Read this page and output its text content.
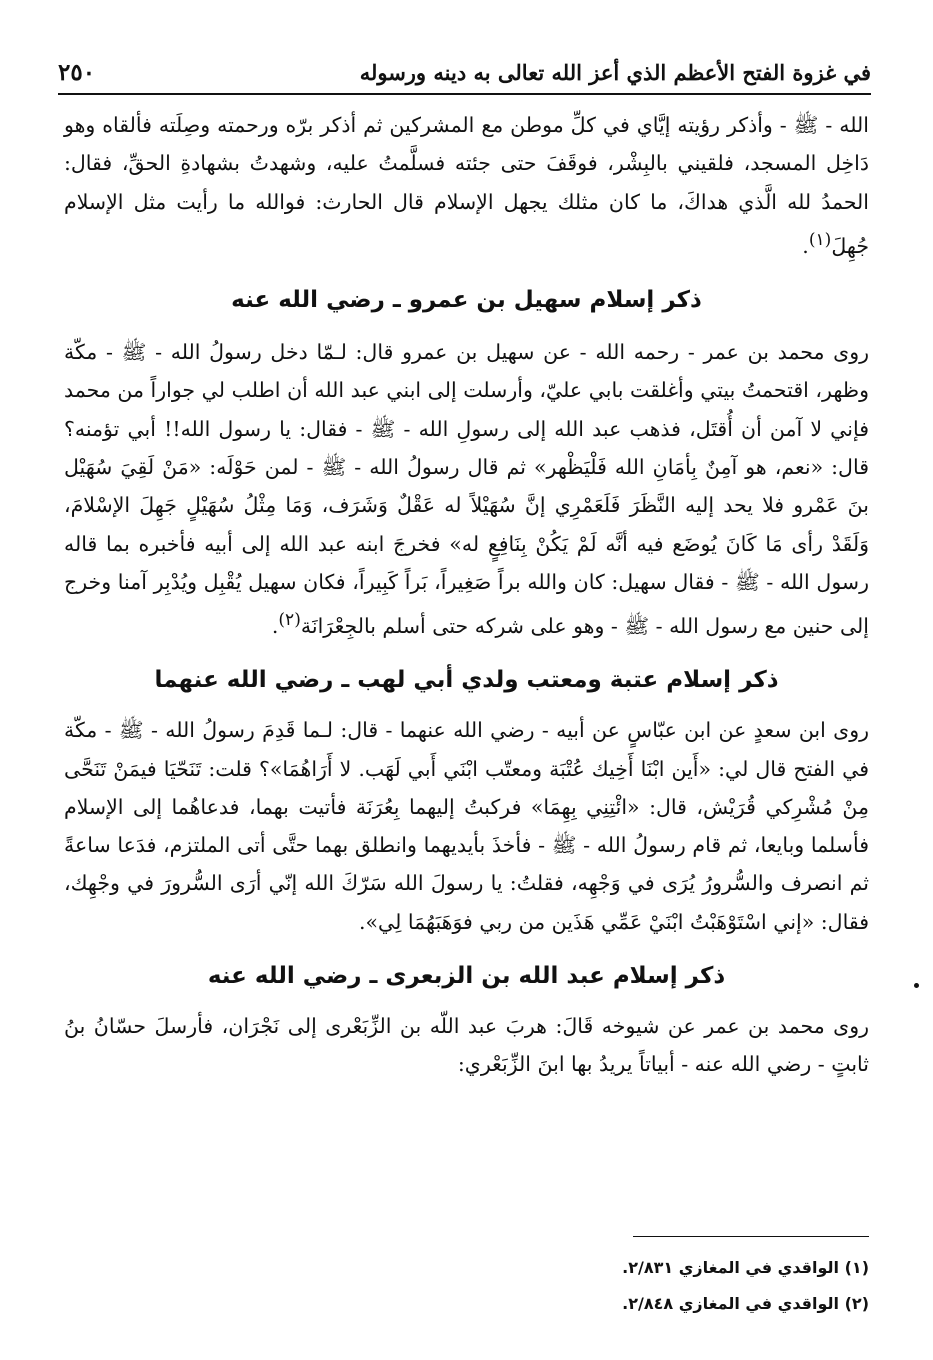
في غزوة الفتح الأعظم الذي أعز الله تعالى به دينه ورسوله
٢٥٠

الله - ﷺ - وأذكر رؤيته إيَّاي في كلِّ موطن مع المشركين ثم أذكر برّه ورحمته وصِلَته فألقاه وهو دَاخِل المسجد، فلقيني بالبِشْر، فوقَفَ حتى جئته فسلَّمتُ عليه، وشهدتُ بشهادةِ الحقِّ، فقال: الحمدُ لله الَّذي هداكَ، ما كان مثلك يجهل الإسلام قال الحارث: فوالله ما رأيت مثل الإسلام جُهِلَ$^{(١)}$.

ذكر إسلام سهيل بن عمرو ـ رضي الله عنه

روى محمد بن عمر - رحمه الله - عن سهيل بن عمرو قال: لـمّا دخل رسولُ الله - ﷺ - مكّة وظهر، اقتحمتُ بيتي وأغلقت بابي عليّ، وأرسلت إلى ابني عبد الله أن اطلب لي جواراً من محمد فإني لا آمن أن أُقتَل، فذهب عبد الله إلى رسولِ الله - ﷺ - فقال: يا رسول الله!! أبي تؤمنه؟ قال: «نعم، هو آمِنٌ بِأمَانِ الله فَلْيَظْهر» ثم قال رسولُ الله - ﷺ - لمن حَوْلَه: «مَنْ لَقِيَ سُهَيْل بنَ عَمْرو فلا يحد إليه النَّظَرَ فَلَعَمْرِي إنَّ سُهَيْلاً له عَقْلٌ وَشَرَف، وَمَا مِثْلُ سُهَيْلٍ جَهِلَ الإسْلامَ، وَلَقَدْ رأى مَا كَانَ يُوضَع فيه أنَّه لَمْ يَكُنْ بِنَافِعٍ له» فخرجَ ابنه عبد الله إلى أبيه فأخبره بما قاله رسول الله - ﷺ - فقال سهيل: كان والله براً صَغِيراً، بَراً كَبِيراً، فكان سهيل يُقْبِل ويُدْبِر آمنا وخرج إلى حنين مع رسول الله - ﷺ - وهو على شركه حتى أسلم بالجِعْرَانَة$^{(٢)}$.

ذكر إسلام عتبة ومعتب ولدي أبي لهب ـ رضي الله عنهما

روى ابن سعدٍ عن ابن عبّاسٍ عن أبيه - رضي الله عنهما - قال: لـما قَدِمَ رسولُ الله - ﷺ - مكّة في الفتح قال لي: «أَين ابْنَا أَخِيك عُتْبَة ومعتّب ابْنَي أَبي لَهَب. لا أَرَاهُمَا»؟ قلت: تَنَحّيَا فيمَنْ تَنَحَّى مِنْ مُشْرِكي قُرَيْش، قال: «ائْتِنِي بِهِمَا» فركبتُ إليهما بِعُرَنَة فأتيت بهما، فدعاهُما إلى الإسلام فأسلما وبايعا، ثم قام رسولُ الله - ﷺ - فأخذَ بأيديهما وانطلق بهما حتَّى أتى الملتزم، فدَعا ساعةً ثم انصرف والسُّرورُ يُرَى في وَجْهِه، فقلتُ: يا رسولَ الله سَرّكَ الله إنّي أرَى السُّرورَ في وجْهِك، فقال: «إني اسْتَوْهَبْتُ ابْنَيْ عَمِّي هَذَين من ربي فوَهَبَهُمَا لِي».

ذكر إسلام عبد الله بن الزبعرى ـ رضي الله عنه

روى محمد بن عمر عن شيوخه قَالَ: هربَ عبد اللّه بن الزِّبَعْرى إلى نَجْرَان، فأرسلَ حسّانُ بنُ ثابتٍ - رضي الله عنه - أبياتاً يريدُ بها ابنَ الزِّبَعْري:

(١) الواقدي في المغازي ٢/٨٣١.

(٢) الواقدي في المغازي ٢/٨٤٨.
